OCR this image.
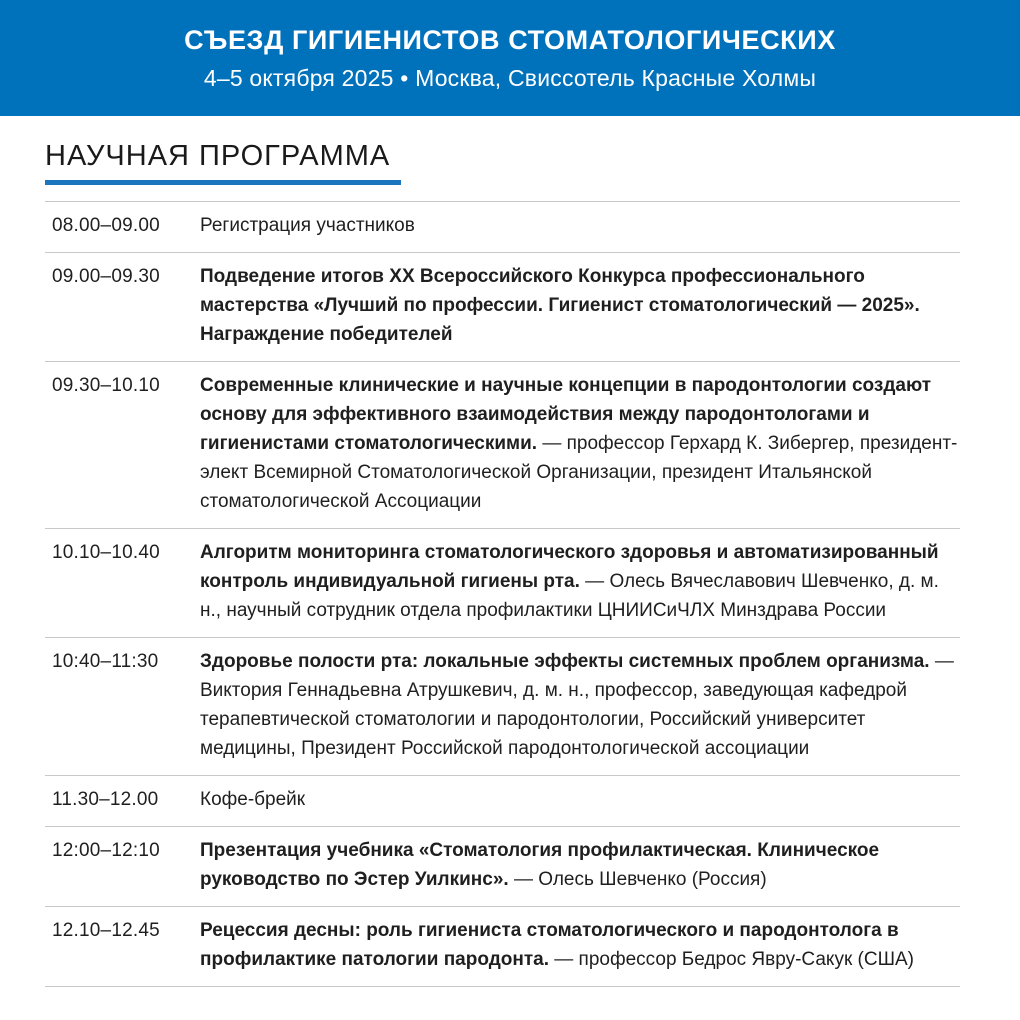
СЪЕЗД ГИГИЕНИСТОВ СТОМАТОЛОГИЧЕСКИХ
4–5 октября 2025 • Москва, Свиссотель Красные Холмы
НАУЧНАЯ ПРОГРАММА
08.00–09.00	Регистрация участников

09.00–09.30	Подведение итогов XX Всероссийского Конкурса профессионального мастерства «Лучший по профессии. Гигиенист стоматологический — 2025». Награждение победителей

09.30–10.10	Современные клинические и научные концепции в пародонтологии создают основу для эффективного взаимодействия между пародонтологами и гигиенистами стоматологическими. — профессор Герхард К. Зибергер, президент-элект Всемирной Стоматологической Организации, президент Итальянской стоматологической Ассоциации

10.10–10.40	Алгоритм мониторинга стоматологического здоровья и автоматизированный контроль индивидуальной гигиены рта. — Олесь Вячеславович Шевченко, д. м. н., научный сотрудник отдела профилактики ЦНИИСиЧЛХ Минздрава России

10:40–11:30	Здоровье полости рта: локальные эффекты системных проблем организма. — Виктория Геннадьевна Атрушкевич, д. м. н., профессор, заведующая кафедрой терапевтической стоматологии и пародонтологии, Российский университет медицины, Президент Российской пародонтологической ассоциации

11.30–12.00	Кофе-брейк

12:00–12:10	Презентация учебника «Стоматология профилактическая. Клиническое руководство по Эстер Уилкинс». — Олесь Шевченко (Россия)

12.10–12.45	Рецессия десны: роль гигиениста стоматологического и пародонтолога в профилактике патологии пародонта. — профессор Бедрос Явру-Сакук (США)
